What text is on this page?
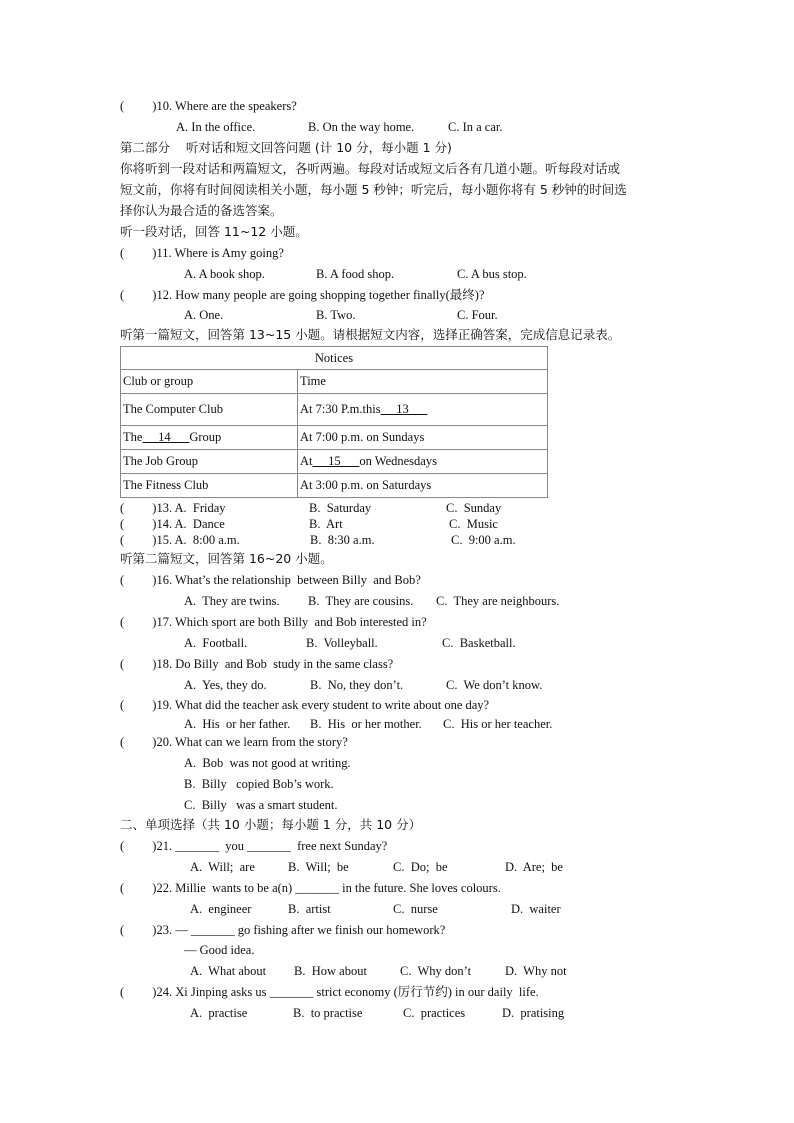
(         )10. Where are the speakers?
A. In the office.	B. On the way home.	C. In a car.
第二部分    听对话和短文回答问题 (计 10 分，每小题 1 分)
你将听到一段对话和两篇短文，各听两遍。每段对话或短文后各有几道小题。听每段对话或
短文前，你将有时间阅读相关小题，每小题 5 秒钟；听完后，每小题你将有 5 秒钟的时间选
择你认为最合适的备选答案。
听一段对话，回答 11~12 小题。
(         )11. Where is Amy going?
A. A book shop.	B. A food shop.	C. A bus stop.
(         )12. How many people are going shopping together finally(最终)?
A. One.	B. Two.	C. Four.
听第一篇短文，回答第 13~15 小题。请根据短文内容，选择正确答案，完成信息记录表。
Notices	
Club or group	Time
The Computer Club	At 7:30 P.m.this     13
The     14      Group	At 7:00 p.m. on Sundays
The Job Group	At     15      on Wednesdays
The Fitness Club	At 3:00 p.m. on Saturdays
(         )13. A.  Friday	B.  Saturday	C.  Sunday
(         )14. A.  Dance	B.  Art	C.  Music
(         )15. A.  8:00 a.m.	B.  8:30 a.m.	C.  9:00 a.m.
听第二篇短文，回答第 16~20 小题。
(         )16. What’s the relationship  between Billy  and Bob?
A.  They are twins. B.  They are cousins. C.  They are neighbours.
(         )17. Which sport are both Billy  and Bob interested in?
A.  Football.	B.  Volleyball.	C.  Basketball.
(         )18. Do Billy  and Bob  study in the same class?
A.  Yes, they do.	B.  No, they don’t.	C.  We don’t know.
(         )19. What did the teacher ask every student to write about one day?
A.  His  or her father. B.  His  or her mother. C.  His or her teacher.
(         )20. What can we learn from the story?
A.  Bob  was not good at writing.
B.  Billy   copied Bob’s work.
C.  Billy   was a smart student.
二、单项选择（共 10 小题；每小题 1 分，共 10 分）
(         )21. _______  you _______  free next Sunday?
A.  Will;  are	B.  Will;  be	C.  Do;  be	D.  Are;  be
(         )22. Millie  wants to be a(n) _______ in the future. She loves colours.
A.  engineer	B.  artist	C.  nurse	D.  waiter
(         )23. — _______ go fishing after we finish our homework?
— Good idea.
A.  What about B.  How about	C.  Why don’t	D.  Why not
(         )24. Xi Jinping asks us _______ strict economy (厉行节约) in our daily  life.
A.  practise	B.  to practise	C.  practices	D.  pratising
